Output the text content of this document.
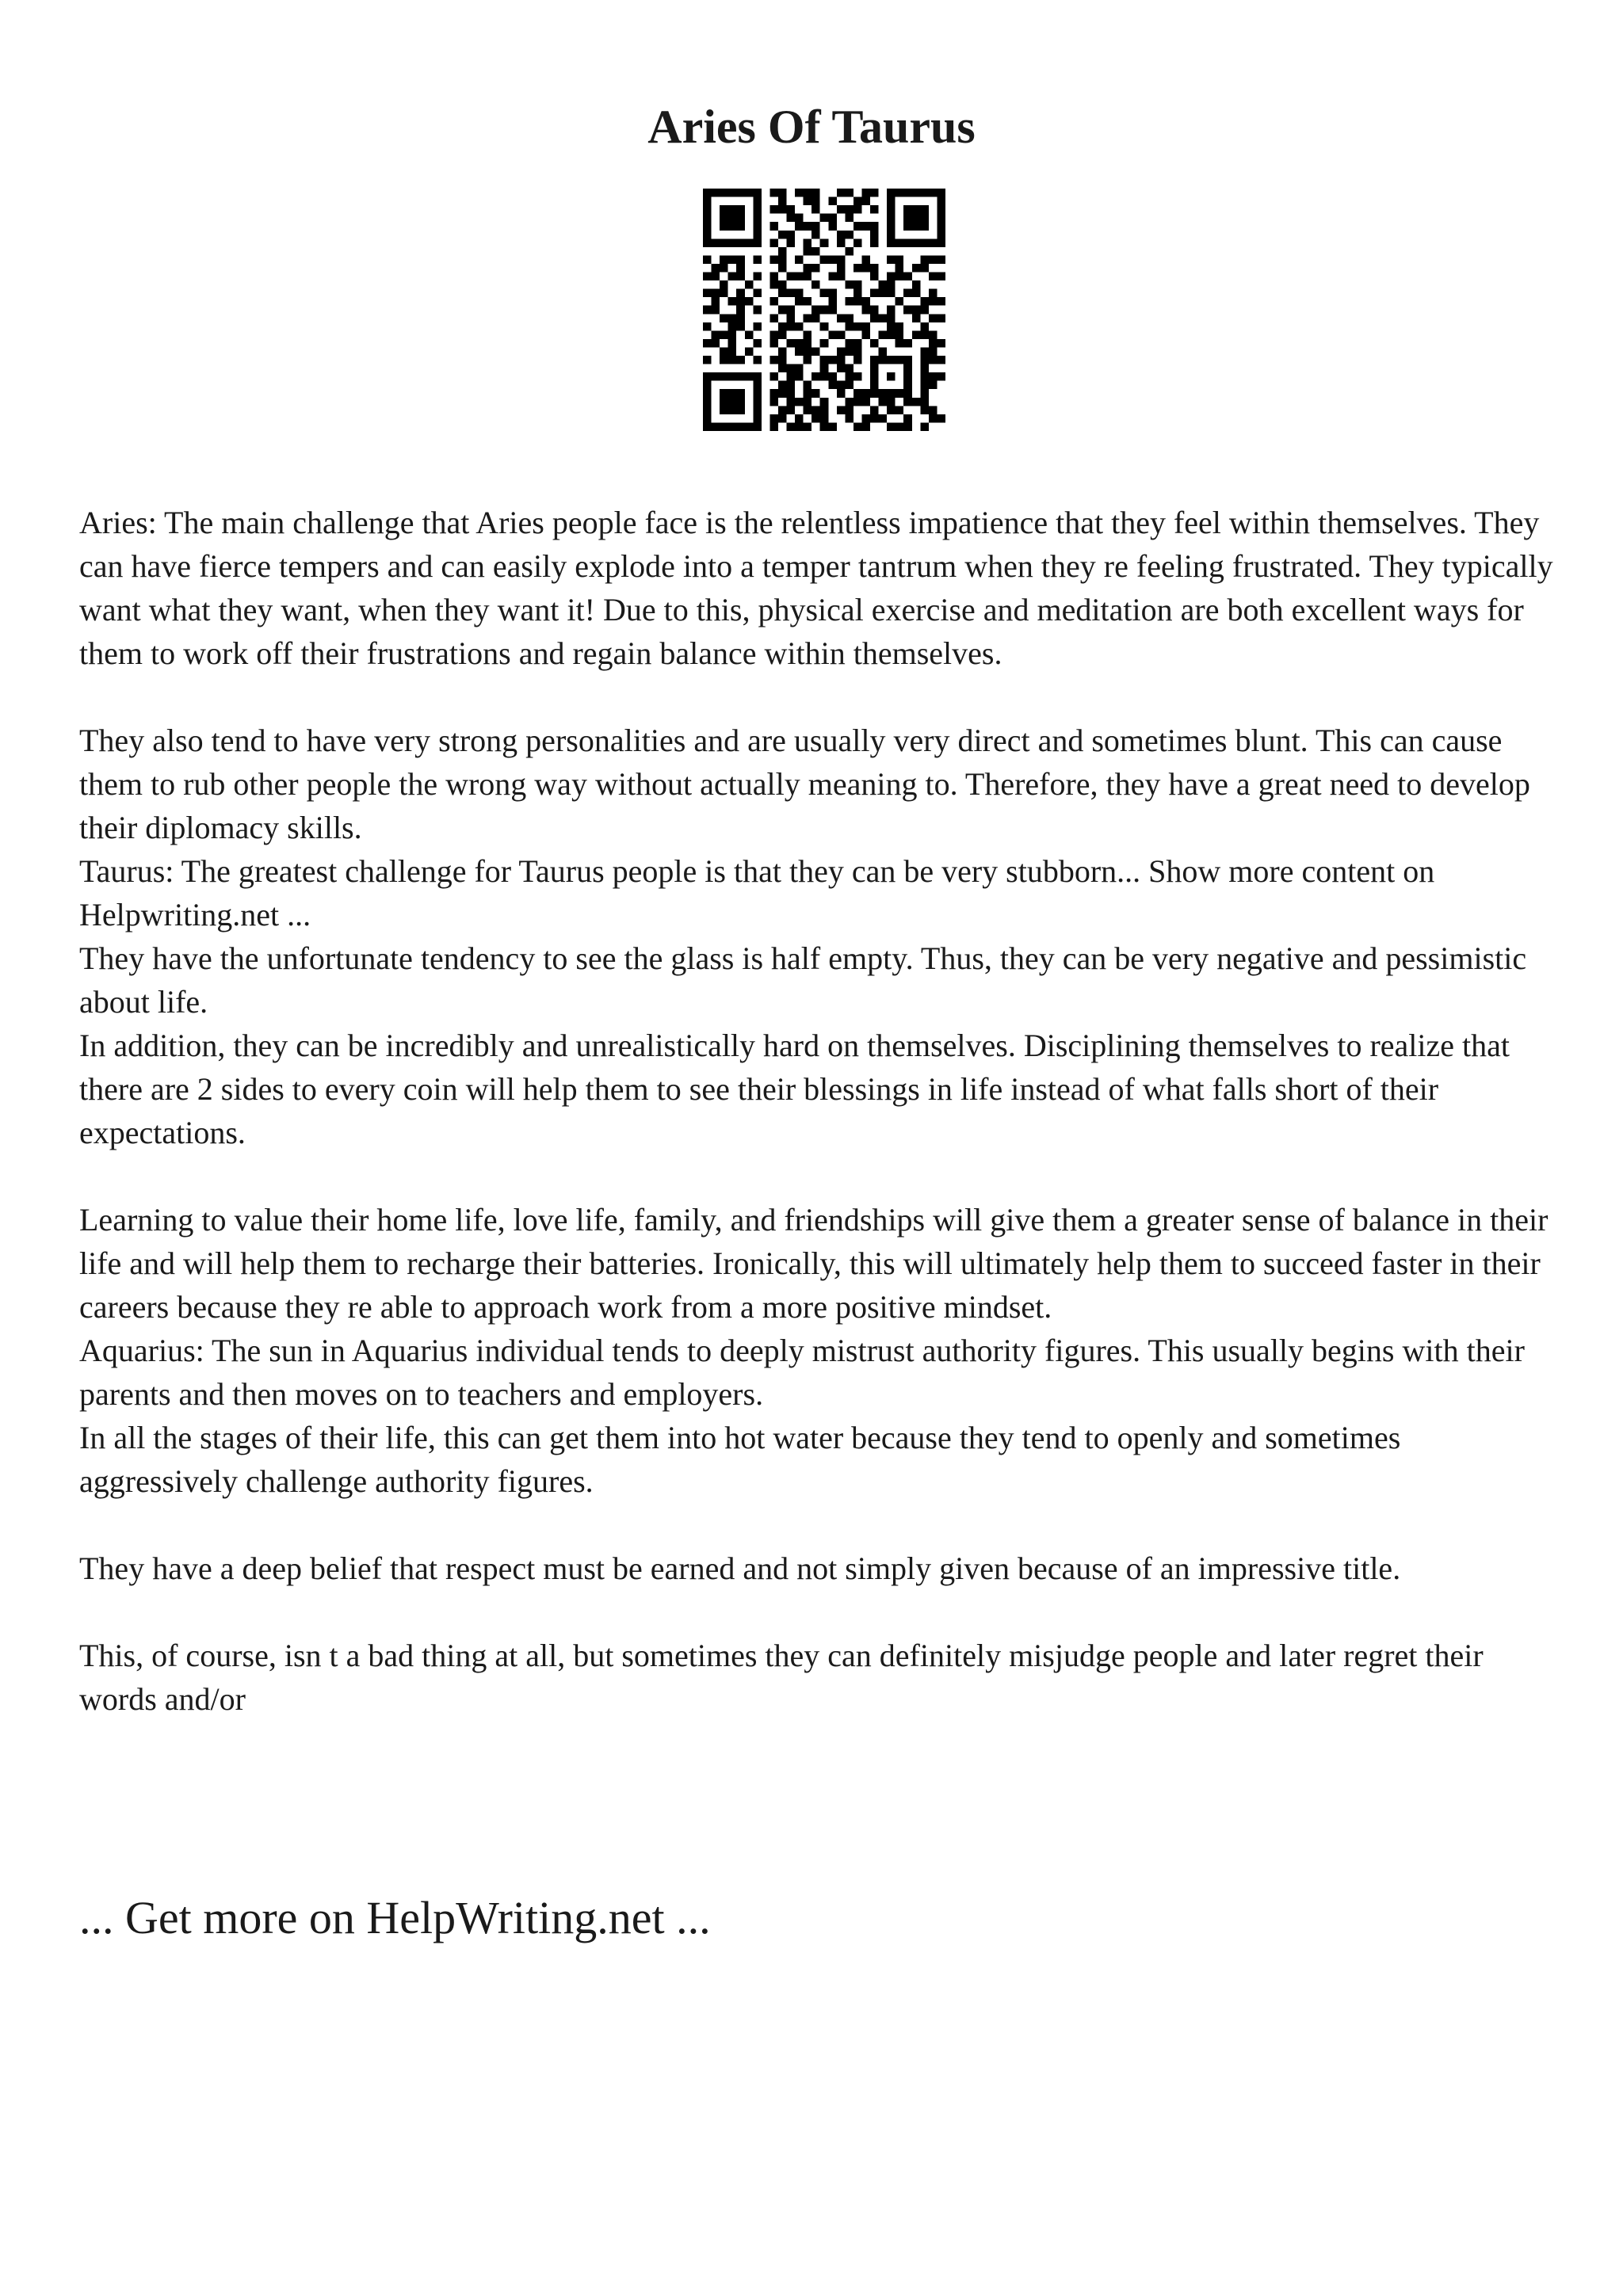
Aries Of Taurus

Aries: The main challenge that Aries people face is the relentless impatience that they feel within themselves. They can have fierce tempers and can easily explode into a temper tantrum when they re feeling frustrated. They typically want what they want, when they want it! Due to this, physical exercise and meditation are both excellent ways for them to work off their frustrations and regain balance within themselves.

They also tend to have very strong personalities and are usually very direct and sometimes blunt. This can cause them to rub other people the wrong way without actually meaning to. Therefore, they have a great need to develop their diplomacy skills.

Taurus: The greatest challenge for Taurus people is that they can be very stubborn... Show more content on Helpwriting.net ...

They have the unfortunate tendency to see the glass is half empty. Thus, they can be very negative and pessimistic about life.

In addition, they can be incredibly and unrealistically hard on themselves. Disciplining themselves to realize that there are 2 sides to every coin will help them to see their blessings in life instead of what falls short of their expectations.

Learning to value their home life, love life, family, and friendships will give them a greater sense of balance in their life and will help them to recharge their batteries. Ironically, this will ultimately help them to succeed faster in their careers because they re able to approach work from a more positive mindset.

Aquarius: The sun in Aquarius individual tends to deeply mistrust authority figures. This usually begins with their parents and then moves on to teachers and employers.

In all the stages of their life, this can get them into hot water because they tend to openly and sometimes aggressively challenge authority figures.

They have a deep belief that respect must be earned and not simply given because of an impressive title.

This, of course, isn t a bad thing at all, but sometimes they can definitely misjudge people and later regret their words and/or

... Get more on HelpWriting.net ...
